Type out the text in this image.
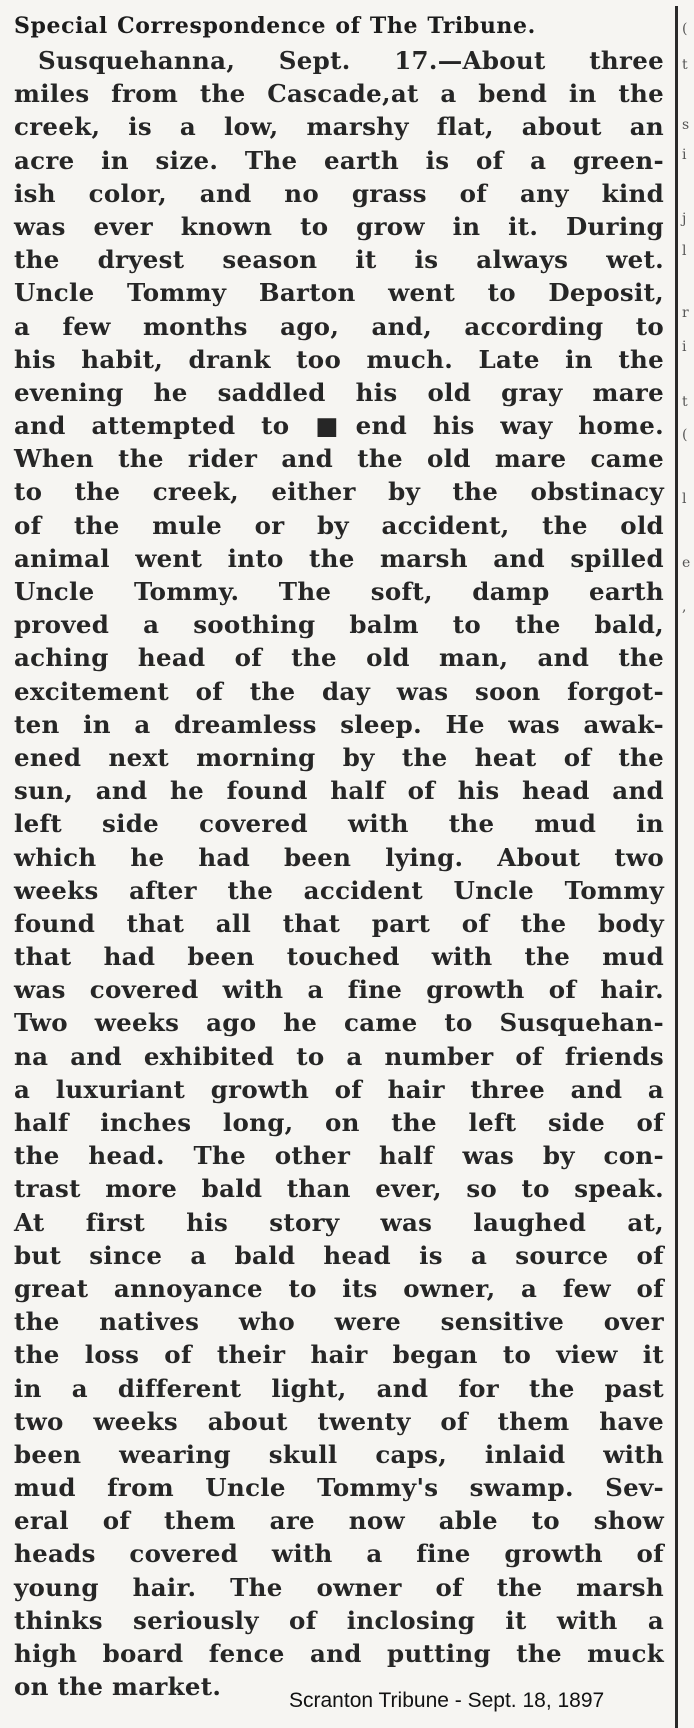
(
t
s
i
j
l
r
i
t
(
l
e
,
Special Correspondence of The Tribune.
Susquehanna, Sept. 17.—About three
miles from the Cascade,at a bend in the
creek, is a low, marshy flat, about an
acre in size. The earth is of a green-
ish color, and no grass of any kind
was ever known to grow in it. During
the dryest season it is always wet.
Uncle Tommy Barton went to Deposit,
a few months ago, and, according to
his habit, drank too much. Late in the
evening he saddled his old gray mare
and attempted to ■end his way home.
When the rider and the old mare came
to the creek, either by the obstinacy
of the mule or by accident, the old
animal went into the marsh and spilled
Uncle Tommy. The soft, damp earth
proved a soothing balm to the bald,
aching head of the old man, and the
excitement of the day was soon forgot-
ten in a dreamless sleep. He was awak-
ened next morning by the heat of the
sun, and he found half of his head and
left side covered with the mud in
which he had been lying. About two
weeks after the accident Uncle Tommy
found that all that part of the body
that had been touched with the mud
was covered with a fine growth of hair.
Two weeks ago he came to Susquehan-
na and exhibited to a number of friends
a luxuriant growth of hair three and a
half inches long, on the left side of
the head. The other half was by con-
trast more bald than ever, so to speak.
At first his story was laughed at,
but since a bald head is a source of
great annoyance to its owner, a few of
the natives who were sensitive over
the loss of their hair began to view it
in a different light, and for the past
two weeks about twenty of them have
been wearing skull caps, inlaid with
mud from Uncle Tommy's swamp. Sev-
eral of them are now able to show
heads covered with a fine growth of
young hair. The owner of the marsh
thinks seriously of inclosing it with a
high board fence and putting the muck
on the market.	Scranton Tribune - Sept. 18, 1897
